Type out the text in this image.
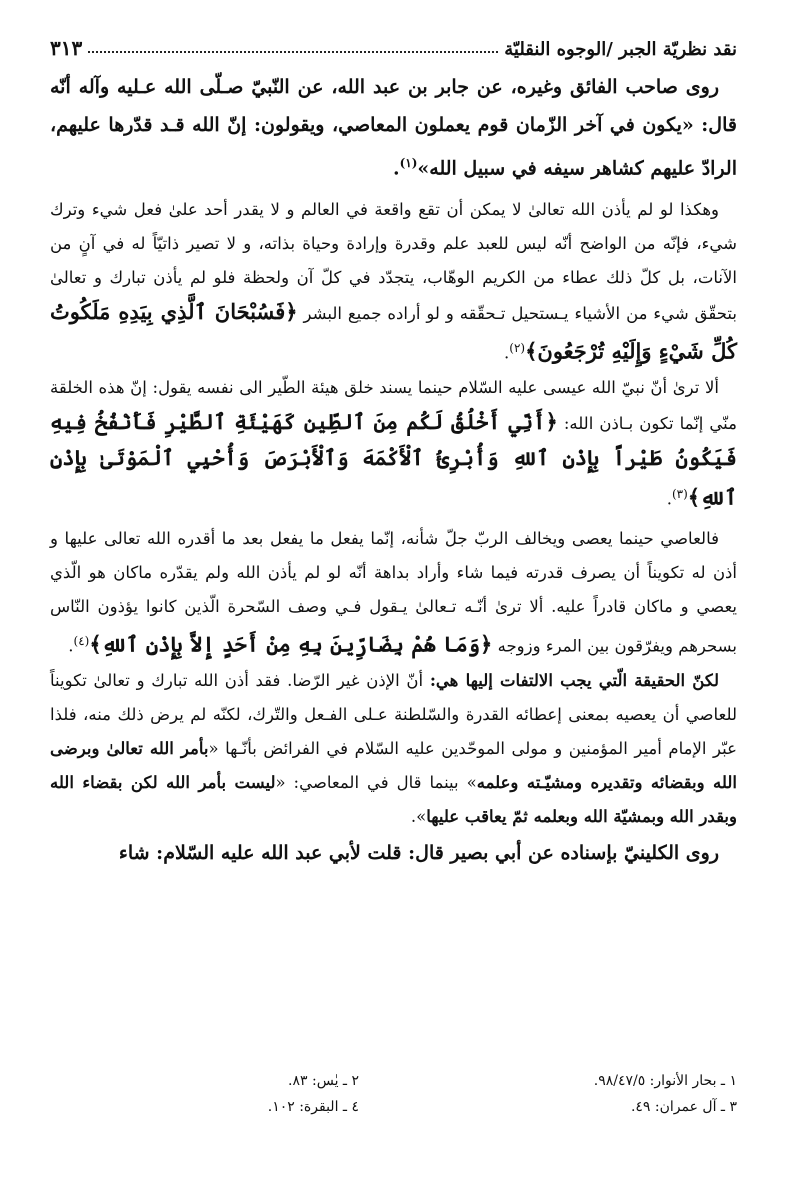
نقد نظريّة الجبر /الوجوه النقليّة
٣١٣

روى صاحب الفائق وغيره، عن جابر بن عبد الله، عن النّبيّ صـلّى الله عـليه وآله أنّه قال: «يكون في آخر الزّمان قوم يعملون المعاصي، ويقولون: إنّ الله قـد قدّرها عليهم، الرادّ عليهم كشاهر سيفه في سبيل الله»$^{(١)}$.

وهكذا لو لم يأذن الله تعالىٰ لا يمكن أن تقع واقعة في العالم و لا يقدر أحد علىٰ فعل شيء وترك شيء، فإنّه من الواضح أنّه ليس للعبد علم وقدرة وإرادة وحياة بذاته، و لا تصير ذاتيّاً له في آنٍ من الآنات، بل كلّ ذلك عطاء من الكريم الوهّاب، يتجدّد في كلّ آن ولحظة فلو لم يأذن تبارك و تعالىٰ بتحقّق شيء من الأشياء يـستحيل تـحقّقه و لو أراده جميع البشر ﴿فَسُبْحَانَ ٱلَّذِي بِيَدِهِ مَلَكُوتُ كُلِّ شَيْءٍ وَإِلَيْهِ تُرْجَعُونَ﴾$^{(٢)}$.

ألا ترىٰ أنّ نبيّ الله عيسى عليه السّلام حينما يسند خلق هيئة الطّير الى نفسه يقول: إنّ هذه الخلقة منّي إنّما تكون بـاذن الله: ﴿أَنِّي أَخْلُقُ لَكُم مِنَ ٱلطِّينِ كَهَيْئَةِ ٱلطَّيْرِ فَأَنْفُخُ فِيهِ فَيَكُونُ طَيْراً بِإِذْنِ ٱللهِ وَأُبْرِئُ ٱلْأَكْمَهَ وَٱلْأَبْرَصَ وَأُحْيِي ٱلْمَوْتَىٰ بِإِذْنِ ٱللهِ﴾$^{(٣)}$.

فالعاصي حينما يعصى ويخالف الربّ جلّ شأنه، إنّما يفعل ما يفعل بعد ما أقدره الله تعالى عليها و أذن له تكويناً أن يصرف قدرته فيما شاء وأراد بداهة أنّه لو لم يأذن الله ولم يقدّره ماكان هو الّذي يعصي و ماكان قادراً عليه. ألا ترىٰ أنّـه تـعالىٰ يـقول فـي وصف السّحرة الّذين كانوا يؤذون النّاس بسحرهم ويفرّقون بين المرء وزوجه ﴿وَمَا هُمْ بِضَارِّينَ بِهِ مِنْ أَحَدٍ إِلاَّ بِإِذْنِ ٱللهِ﴾$^{(٤)}$.

لكنّ الحقيقة الّتي يجب الالتفات إليها هي: أنّ الإذن غير الرّضا. فقد أذن الله تبارك و تعالىٰ تكويناً للعاصي أن يعصيه بمعنى إعطائه القدرة والسّلطنة عـلى الفـعل والتّرك، لكنّه لم يرض ذلك منه، فلذا عبّر الإمام أمير المؤمنين و مولى الموحّدين عليه السّلام في الفرائض بأنّـها «بأمر الله تعالىٰ وبرضى الله وبقضائه وتقديره ومشيّـته وعلمه» بينما قال في المعاصي: «ليست بأمر الله لكن بقضاء الله وبقدر الله وبمشيّة الله وبعلمه ثمّ يعاقب عليها».

روى الكلينيّ بإسناده عن أبي بصير قال: قلت لأبي عبد الله عليه السّلام: شاء

١ ـ بحار الأنوار: ٩٨/٤٧/٥.
٣ ـ آل عمران: ٤٩.
٢ ـ يٰس: ٨٣.
٤ ـ البقرة: ١٠٢.
